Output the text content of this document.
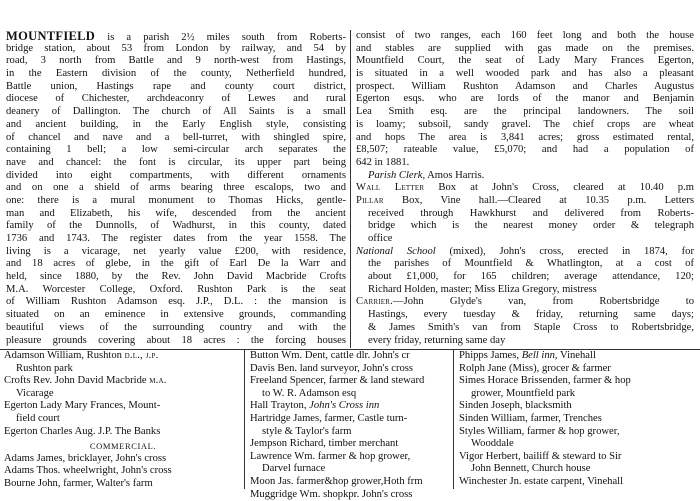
MOUNTFIELD is a parish 2½ miles south from Roberts-
bridge station, about 53 from London by railway, and 54 by
road, 3 north from Battle and 9 north-west from Hastings,
in the Eastern division of the county, Netherfield hundred,
Battle union, Hastings rape and county court district,
diocese of Chichester, archdeaconry of Lewes and rural
deanery of Dallington. The church of All Saints is a small
and ancient building, in the Early English style, consisting
of chancel and nave and a bell-turret, with shingled spire,
containing 1 bell; a low semi-circular arch separates the
nave and chancel: the font is circular, its upper part being
divided into eight compartments, with different ornaments
and on one a shield of arms bearing three escalops, two and
one: there is a mural monument to Thomas Hicks, gentle-
man and Elizabeth, his wife, descended from the ancient
family of the Dunnolls, of Wadhurst, in this county, dated
1736 and 1743. The register dates from the year 1558. The
living is a vicarage, net yearly value £200, with residence,
and 18 acres of glebe, in the gift of Earl De la Warr and
held, since 1880, by the Rev. John David Macbride Crofts
M.A. Worcester College, Oxford. Rushton Park is the seat
of William Rushton Adamson esq. J.P., D.L. : the mansion is
situated on an eminence in extensive grounds, commanding
beautiful views of the surrounding country and with the
pleasure grounds covering about 18 acres : the forcing houses
consist of two ranges, each 160 feet long and both the house
and stables are supplied with gas made on the premises.
Mountfield Court, the seat of Lady Mary Frances Egerton,
is situated in a well wooded park and has also a pleasant
prospect. William Rushton Adamson and Charles Augustus
Egerton esqs. who are lords of the manor and Benjamin
Lea Smith esq. are the principal landowners. The soil
is loamy; subsoil, sandy gravel. The chief crops are wheat
and hops The area is 3,841 acres; gross estimated rental,
£8,507; rateable value, £5,070; and had a population of
642 in 1881.
Parish Clerk, Amos Harris.
Wall Letter Box at John's Cross, cleared at 10.40 p.m
Pillar Box, Vine hall.—Cleared at 10.35 p.m. Letters
received through Hawkhurst and delivered from Roberts-
bridge which is the nearest money order & telegraph
office
National School (mixed), John's cross, erected in 1874, for
the parishes of Mountfield & Whatlington, at a cost of
about £1,000, for 165 children; average attendance, 120;
Richard Holden, master; Miss Eliza Gregory, mistress
Carrier.—John Glyde's van, from Robertsbridge to
Hastings, every tuesday & friday, returning same days;
& James Smith's van from Staple Cross to Robertsbridge,
every friday, returning same day
Adamson William, Rushton d.l., j.p.
Rushton park
Crofts Rev. John David Macbride m.a.
Vicarage
Egerton Lady Mary Frances, Mount-
field court
Egerton Charles Aug. J.P. The Banks
COMMERCIAL.
Adams James, bricklayer, John's cross
Adams Thos. wheelwright, John's cross
Bourne John, farmer, Walter's farm
Button Wm. Dent, cattle dlr. John's cr
Davis Ben. land surveyor, John's cross
Freeland Spencer, farmer & land steward
to W. R. Adamson esq
Hall Trayton, John's Cross inn
Hartridge James, farmer, Castle turn-
style & Taylor's farm
Jempson Richard, timber merchant
Lawrence Wm. farmer & hop grower,
Darvel furnace
Moon Jas. farmer&hop grower,Hoth frm
Muggridge Wm. shopkpr. John's cross
Phipps James, Bell inn, Vinehall
Rolph Jane (Miss), grocer & farmer
Simes Horace Brissenden, farmer & hop
grower, Mountfield park
Sinden Joseph, blacksmith
Sinden William, farmer, Trenches
Styles William, farmer & hop grower,
Wooddale
Vigor Herbert, bailiff & steward to Sir
John Bennett, Church house
Winchester Jn. estate carpent, Vinehall
